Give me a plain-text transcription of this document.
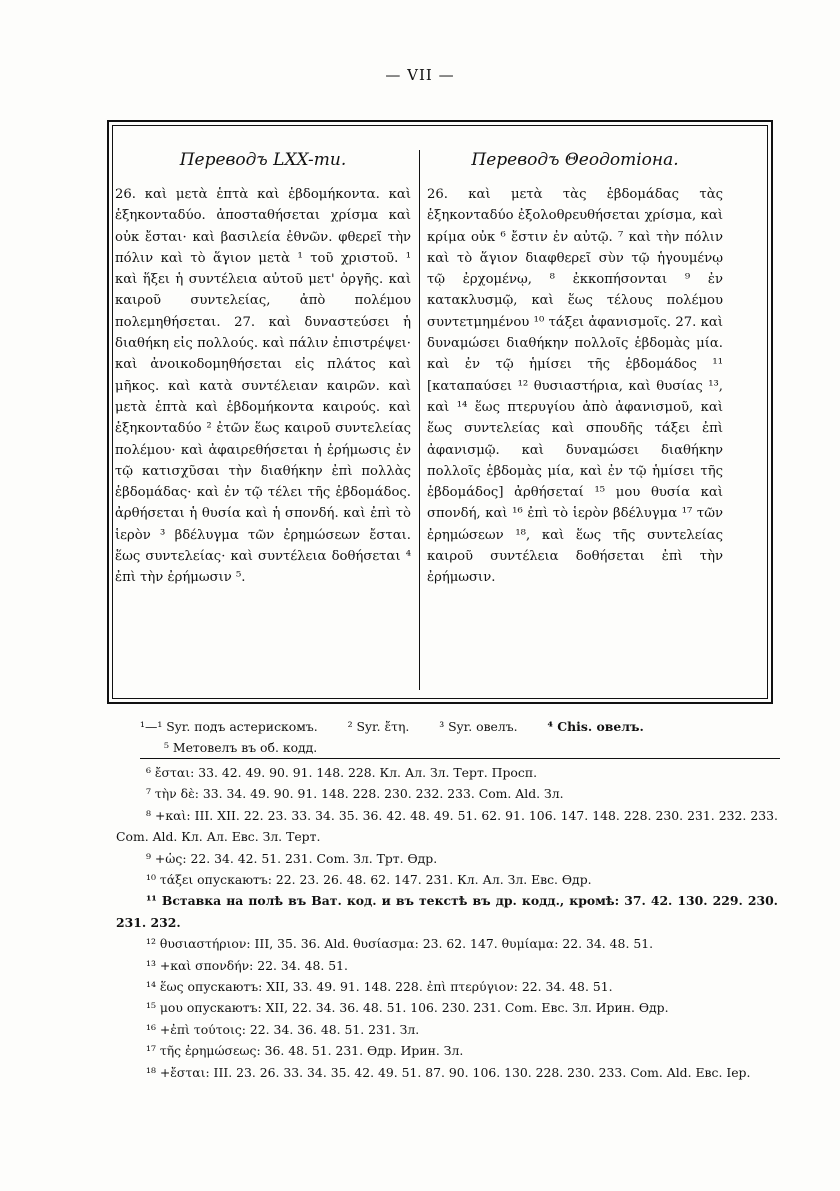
— VII —
Переводъ LXX-ти.

26. καὶ μετὰ ἑπτὰ καὶ ἑβδομήκοντα. καὶ ἑξηκονταδύο. ἀποσταθήσεται χρίσμα καὶ οὐκ ἔσται· καὶ βασιλεία ἐθνῶν. φθερεῖ τὴν πόλιν καὶ τὸ ἅγιον μετὰ ¹ τοῦ χριστοῦ. ¹ καὶ ἥξει ἡ συντέλεια αὐτοῦ μετ' ὀργῆς. καὶ καιροῦ συντελείας, ἀπὸ πολέμου πολεμηθήσεται. 27. καὶ δυναστεύσει ἡ διαθήκη εἰς πολλούς. καὶ πάλιν ἐπιστρέψει· καὶ ἀνοικοδομηθήσεται εἰς πλάτος καὶ μῆκος. καὶ κατὰ συντέλειαν καιρῶν. καὶ μετὰ ἑπτὰ καὶ ἑβδομήκοντα καιρούς. καὶ ἑξηκονταδύο ² ἐτῶν ἕως καιροῦ συντελείας πολέμου· καὶ ἀφαιρεθήσεται ἡ ἐρήμωσις ἐν τῷ κατισχῦσαι τὴν διαθήκην ἐπὶ πολλὰς ἑβδομάδας· καὶ ἐν τῷ τέλει τῆς ἑβδομάδος. ἀρθήσεται ἡ θυσία καὶ ἡ σπονδή. καὶ ἐπὶ τὸ ἱερὸν ³ βδέλυγμα τῶν ἐρημώσεων ἔσται. ἕως συντελείας· καὶ συντέλεια δοθήσεται ⁴ ἐπὶ τὴν ἐρήμωσιν ⁵.

Переводъ Θеодотіона.

26. καὶ μετὰ τὰς ἑβδομάδας τὰς ἑξηκονταδύο ἐξολοθρευθήσεται χρίσμα, καὶ κρίμα οὐκ ⁶ ἔστιν ἐν αὐτῷ. ⁷ καὶ τὴν πόλιν καὶ τὸ ἅγιον διαφθερεῖ σὺν τῷ ἡγουμένῳ τῷ ἐρχομένῳ, ⁸ ἐκκοπήσονται ⁹ ἐν κατακλυσμῷ, καὶ ἕως τέλους πολέμου συντετμημένου ¹⁰ τάξει ἀφανισμοῖς. 27. καὶ δυναμώσει διαθήκην πολλοῖς ἑβδομὰς μία. καὶ ἐν τῷ ἡμίσει τῆς ἑβδομάδος ¹¹ [καταπαύσει ¹² θυσιαστήρια, καὶ θυσίας ¹³, καὶ ¹⁴ ἕως πτερυγίου ἀπὸ ἀφανισμοῦ, καὶ ἕως συντελείας καὶ σπουδῆς τάξει ἐπὶ ἀφανισμῷ. καὶ δυναμώσει διαθήκην πολλοῖς ἑβδομὰς μία, καὶ ἐν τῷ ἡμίσει τῆς ἑβδομάδος] ἀρθήσεταί ¹⁵ μου θυσία καὶ σπονδή, καὶ ¹⁶ ἐπὶ τὸ ἱερὸν βδέλυγμα ¹⁷ τῶν ἐρημώσεων ¹⁸, καὶ ἕως τῆς συντελείας καιροῦ συντέλεια δοθήσεται ἐπὶ τὴν ἐρήμωσιν.

¹—¹ Syr. подъ астерискомъ. ² Syr. ἔτη. ³ Syr. овелъ. ⁴ Chis. овелъ.
⁵ Метовелъ въ об. кодд.
⁶ ἔσται: 33. 42. 49. 90. 91. 148. 228. Кл. Ал. Зл. Терт. Просп.
⁷ τὴν δὲ: 33. 34. 49. 90. 91. 148. 228. 230. 232. 233. Com. Ald. Зл.
⁸ +καὶ: III. XII. 22. 23. 33. 34. 35. 36. 42. 48. 49. 51. 62. 91. 106. 147. 148. 228. 230. 231. 232. 233. Com. Ald. Кл. Ал. Евс. Зл. Терт.
⁹ +ὡς: 22. 34. 42. 51. 231. Com. Зл. Трт. Өдр.
¹⁰ τάξει опускаютъ: 22. 23. 26. 48. 62. 147. 231. Кл. Ал. Зл. Евс. Өдр.
¹¹ Вставка на полѣ въ Ват. код. и въ текстѣ въ др. кодд., кромѣ: 37. 42. 130. 229. 230. 231. 232.
¹² θυσιαστήριον: III, 35. 36. Ald. θυσίασμα: 23. 62. 147. θυμίαμα: 22. 34. 48. 51.
¹³ +καὶ σπονδήν: 22. 34. 48. 51.
¹⁴ ἕως опускаютъ: XII, 33. 49. 91. 148. 228. ἐπὶ πτερύγιον: 22. 34. 48. 51.
¹⁵ μου опускаютъ: XII, 22. 34. 36. 48. 51. 106. 230. 231. Com. Евс. Зл. Ирин. Өдр.
¹⁶ +ἐπὶ τούτοις: 22. 34. 36. 48. 51. 231. Зл.
¹⁷ τῆς ἐρημώσεως: 36. 48. 51. 231. Өдр. Ирин. Зл.
¹⁸ +ἔσται: III. 23. 26. 33. 34. 35. 42. 49. 51. 87. 90. 106. 130. 228. 230. 233. Com. Ald. Евс. Іер.
